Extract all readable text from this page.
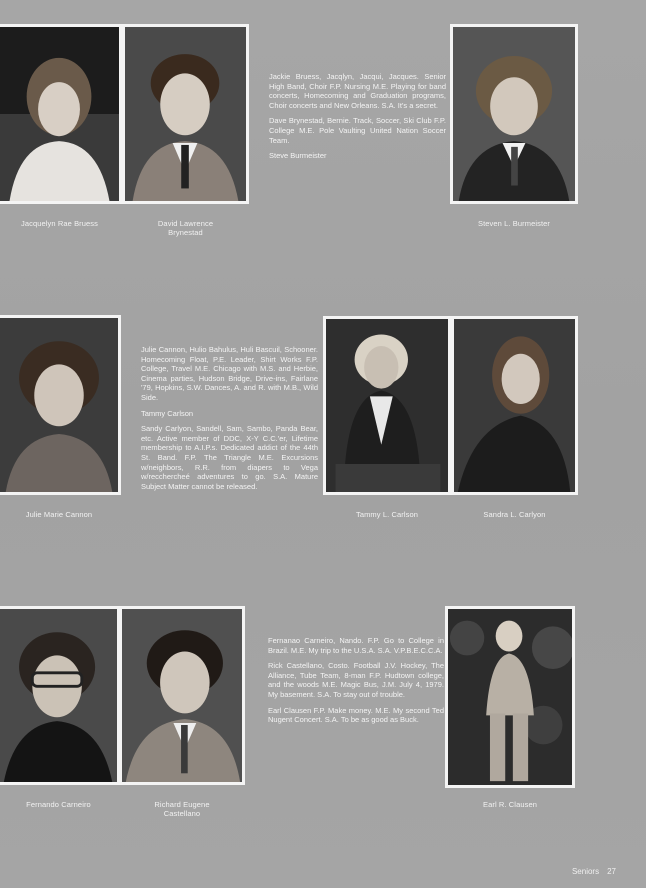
Jacquelyn Rae Bruess	David Lawrence
Brynestad
Steven L. Burmeister

Jackie Bruess, Jacqlyn, Jacqui, Jacques. Senior High Band, Choir F.P. Nursing M.E. Playing for band concerts, Homecoming and Graduation programs, Choir concerts and New Orleans. S.A. It's a secret.

Dave Brynestad, Bernie. Track, Soccer, Ski Club F.P. College M.E. Pole Vaulting United Nation Soccer Team.

Steve Burmeister

Julie Marie Cannon	Tammy L. Carlson	Sandra L. Carlyon

Julie Cannon, Hulio Bahulus, Huli Bascuil, Schooner. Homecoming Float, P.E. Leader, Shirt Works F.P. College, Travel M.E. Chicago with M.S. and Herbie, Cinema parties, Hudson Bridge, Drive-ins, Fairlane '79, Hopkins, S.W. Dances, A. and R. with M.B., Wild Side.

Tammy Carlson

Sandy Carlyon, Sandell, Sam, Sambo, Panda Bear, etc. Active member of DDC, X-Y C.C.'er, Lifetime membership to A.I.P.s. Dedicated addict of the 44th St. Band. F.P. The Triangle M.E. Excursions w/neighbors, R.R. from diapers to Vega w/recchercheé adventures to go. S.A. Mature Subject Matter cannot be released.

Fernando Carneiro	Richard Eugene
Castellano
Earl R. Clausen

Fernanao Carneiro, Nando. F.P. Go to College in Brazil. M.E. My trip to the U.S.A. S.A. V.P.B.E.C.C.A.

Rick Castellano, Costo. Football J.V. Hockey, The Alliance, Tube Team, 8-man F.P. Hudtown college, and the woods M.E. Magic Bus, J.M. July 4, 1979. My basement. S.A. To stay out of trouble.

Earl Clausen F.P. Make money. M.E. My second Ted Nugent Concert. S.A. To be as good as Buck.

Seniors 27
